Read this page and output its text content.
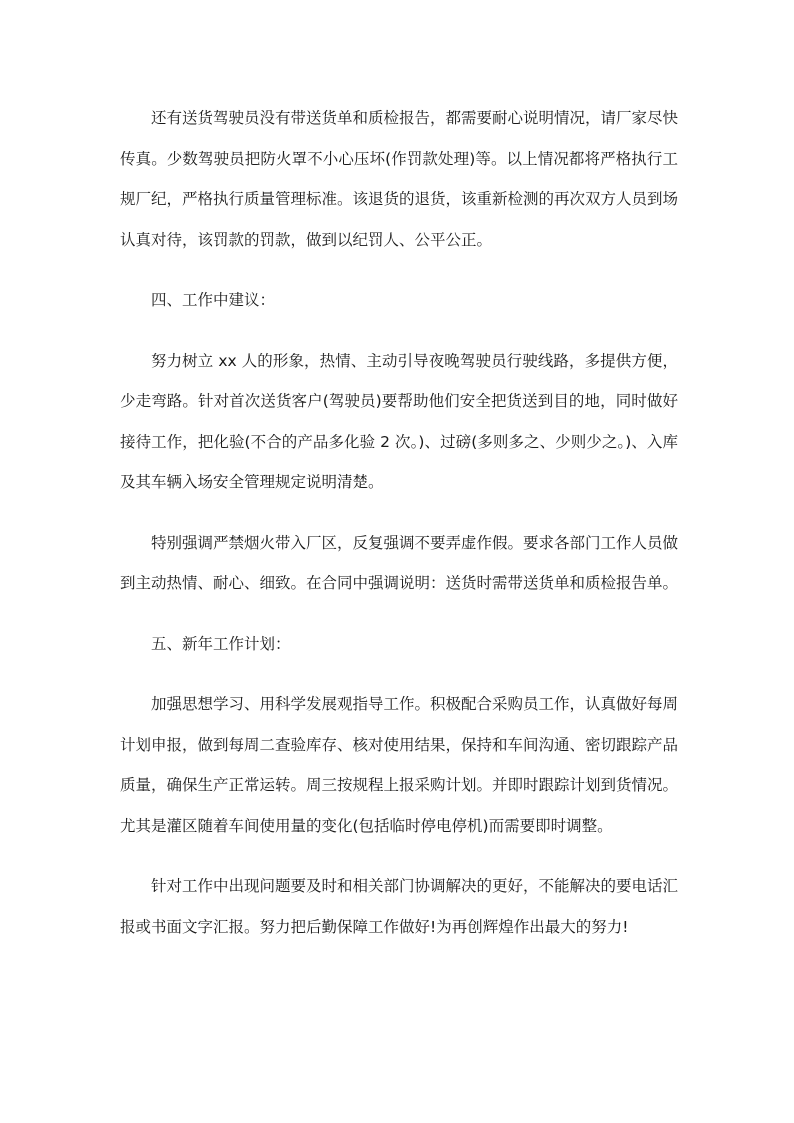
还有送货驾驶员没有带送货单和质检报告，都需要耐心说明情况，请厂家尽快传真。少数驾驶员把防火罩不小心压坏(作罚款处理)等。以上情况都将严格执行工规厂纪，严格执行质量管理标准。该退货的退货，该重新检测的再次双方人员到场认真对待，该罚款的罚款，做到以纪罚人、公平公正。

四、工作中建议：

努力树立 xx 人的形象，热情、主动引导夜晚驾驶员行驶线路，多提供方便，少走弯路。针对首次送货客户(驾驶员)要帮助他们安全把货送到目的地，同时做好接待工作，把化验(不合的产品多化验 2 次。)、过磅(多则多之、少则少之。)、入库及其车辆入场安全管理规定说明清楚。

特别强调严禁烟火带入厂区，反复强调不要弄虚作假。要求各部门工作人员做到主动热情、耐心、细致。在合同中强调说明：送货时需带送货单和质检报告单。

五、新年工作计划：

加强思想学习、用科学发展观指导工作。积极配合采购员工作，认真做好每周计划申报，做到每周二查验库存、核对使用结果，保持和车间沟通、密切跟踪产品质量，确保生产正常运转。周三按规程上报采购计划。并即时跟踪计划到货情况。尤其是灌区随着车间使用量的变化(包括临时停电停机)而需要即时调整。

针对工作中出现问题要及时和相关部门协调解决的更好，不能解决的要电话汇报或书面文字汇报。努力把后勤保障工作做好!为再创辉煌作出最大的努力!
